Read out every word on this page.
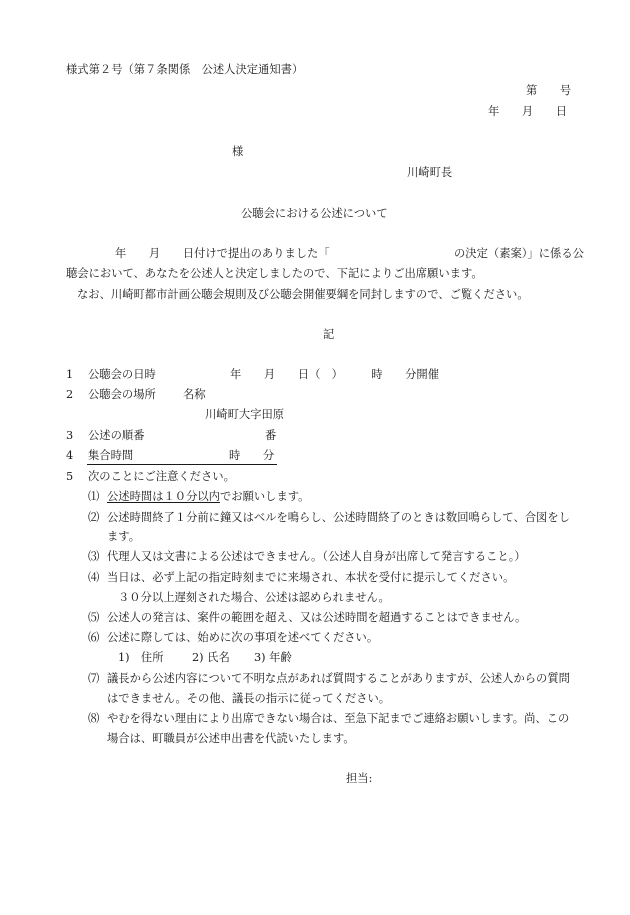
様式第２号（第７条関係　公述人決定通知書）
第　　号
年　　月　　日
様
川崎町長
公聴会における公述について
年　　月　　日付けで提出のありました「	の決定（素案）」に係る公
聴会において、あなたを公述人と決定しましたので、下記によりご出席願います。
なお、川崎町都市計画公聴会規則及び公聴会開催要綱を同封しますので、ご覧ください。
記
1 公聴会の日時	年　　月　　日（　）　　　時　　分開催
2 公聴会の場所 名称
川崎町大字田原
3 公述の順番	番
4 集合時間	時　　分
5 次のことにご注意ください。
⑴ 公述時間は１０分以内でお願いします。
⑵ 公述時間終了１分前に鐘又はベルを鳴らし、公述時間終了のときは数回鳴らして、合図をし
ます。
⑶ 代理人又は文書による公述はできません。（公述人自身が出席して発言すること。）
⑷ 当日は、必ず上記の指定時刻までに来場され、本状を受付に提示してください。
３０分以上遅刻された場合、公述は認められません。
⑸ 公述人の発言は、案件の範囲を超え、又は公述時間を超過することはできません。
⑹ 公述に際しては、始めに次の事項を述べてください。
1)　住所	2) 氏名 3) 年齢
⑺ 議長から公述内容について不明な点があれば質問することがありますが、公述人からの質問
はできません。その他、議長の指示に従ってください。
⑻ やむを得ない理由により出席できない場合は、至急下記までご連絡お願いします。尚、この
場合は、町職員が公述申出書を代読いたします。
担当:
